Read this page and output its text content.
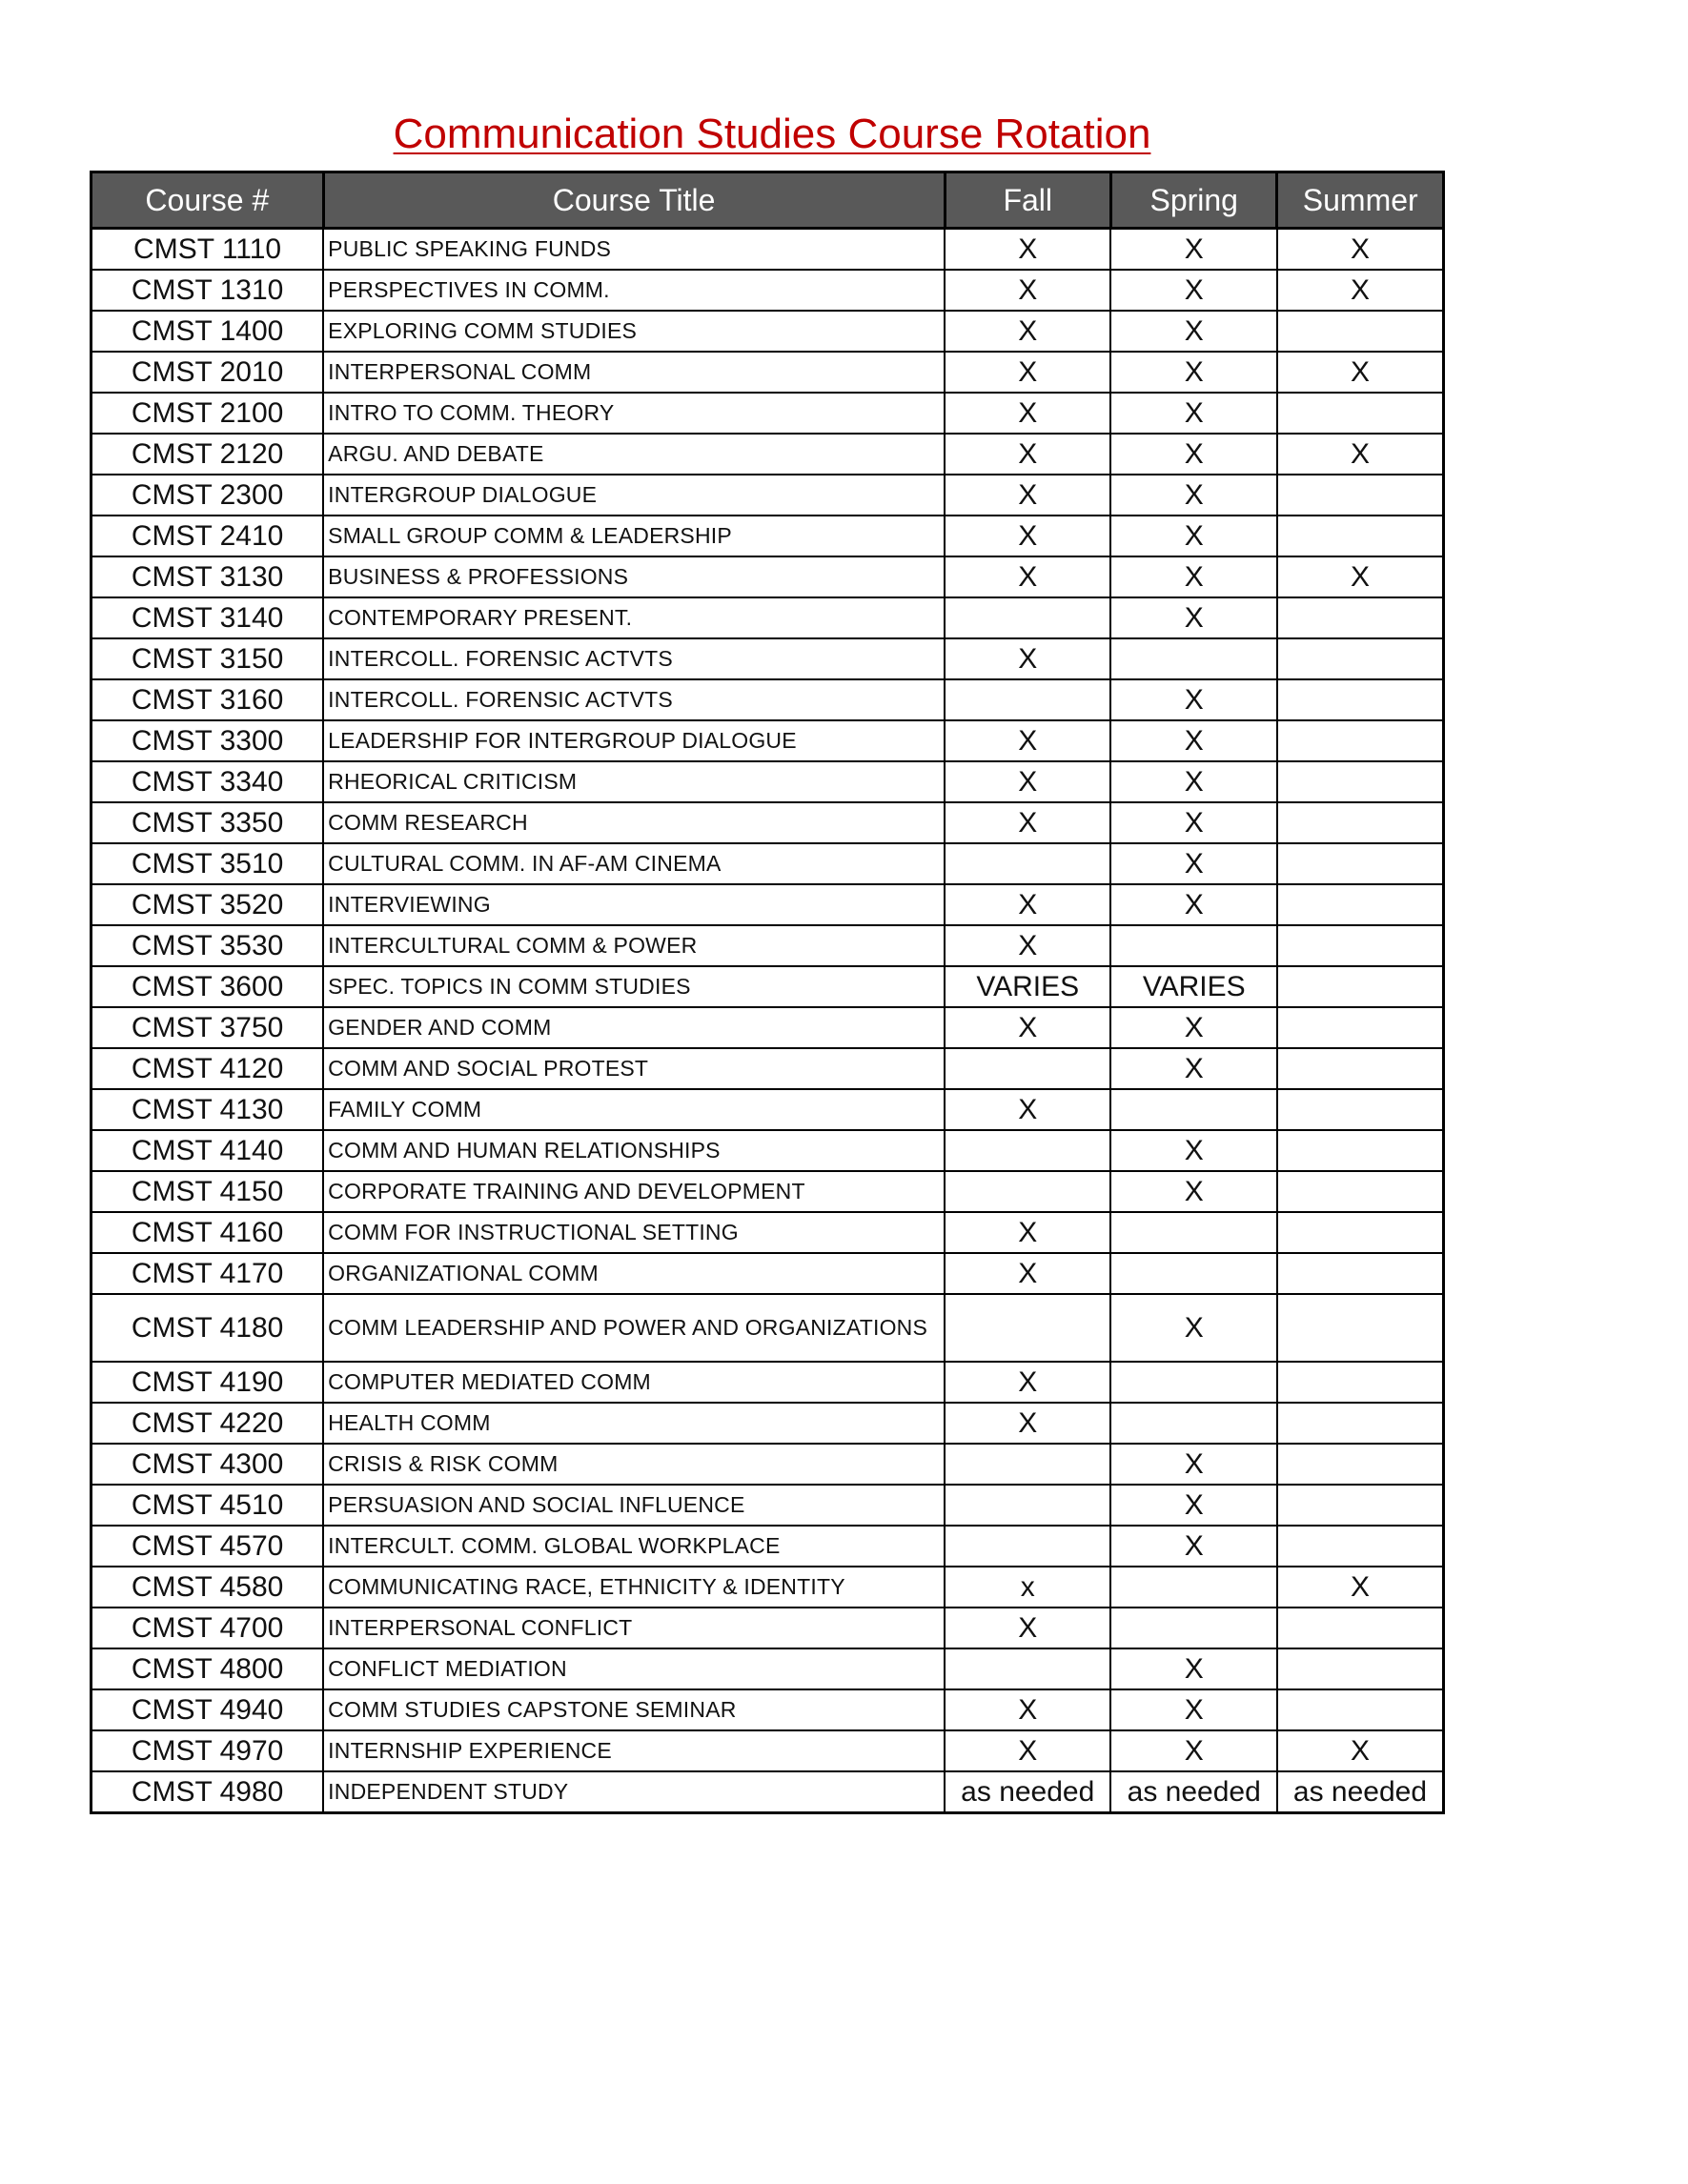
Communication Studies Course Rotation
Course #	Course Title	Fall	Spring	Summer
CMST 1110	PUBLIC SPEAKING FUNDS	X	X	X
CMST 1310	PERSPECTIVES IN COMM.	X	X	X
CMST 1400	EXPLORING COMM STUDIES	X	X	
CMST 2010	INTERPERSONAL COMM	X	X	X
CMST 2100	INTRO TO COMM. THEORY	X	X	
CMST 2120	ARGU. AND DEBATE	X	X	X
CMST 2300	INTERGROUP DIALOGUE	X	X	
CMST 2410	SMALL GROUP COMM & LEADERSHIP	X	X	
CMST 3130	BUSINESS & PROFESSIONS	X	X	X
CMST 3140	CONTEMPORARY PRESENT.		X	
CMST 3150	INTERCOLL. FORENSIC ACTVTS	X		
CMST 3160	INTERCOLL. FORENSIC ACTVTS		X	
CMST 3300	LEADERSHIP FOR INTERGROUP DIALOGUE	X	X	
CMST 3340	RHEORICAL CRITICISM	X	X	
CMST 3350	COMM RESEARCH	X	X	
CMST 3510	CULTURAL COMM. IN AF-AM CINEMA		X	
CMST 3520	INTERVIEWING	X	X	
CMST 3530	INTERCULTURAL COMM & POWER	X		
CMST 3600	SPEC. TOPICS IN COMM STUDIES	VARIES	VARIES	
CMST 3750	GENDER AND COMM	X	X	
CMST 4120	COMM AND SOCIAL PROTEST		X	
CMST 4130	FAMILY COMM	X		
CMST 4140	COMM AND HUMAN RELATIONSHIPS		X	
CMST 4150	CORPORATE TRAINING AND DEVELOPMENT		X	
CMST 4160	COMM FOR INSTRUCTIONAL SETTING	X		
CMST 4170	ORGANIZATIONAL COMM	X		
CMST 4180	COMM LEADERSHIP AND POWER AND ORGANIZATIONS		X	
CMST 4190	COMPUTER MEDIATED COMM	X		
CMST 4220	HEALTH COMM	X		
CMST 4300	CRISIS & RISK COMM		X	
CMST 4510	PERSUASION AND SOCIAL INFLUENCE		X	
CMST 4570	INTERCULT. COMM. GLOBAL WORKPLACE		X	
CMST 4580	COMMUNICATING RACE, ETHNICITY & IDENTITY	x		X
CMST 4700	INTERPERSONAL CONFLICT	X		
CMST 4800	CONFLICT MEDIATION		X	
CMST 4940	COMM STUDIES CAPSTONE SEMINAR	X	X	
CMST 4970	INTERNSHIP EXPERIENCE	X	X	X
CMST 4980	INDEPENDENT STUDY	as needed	as needed	as needed
